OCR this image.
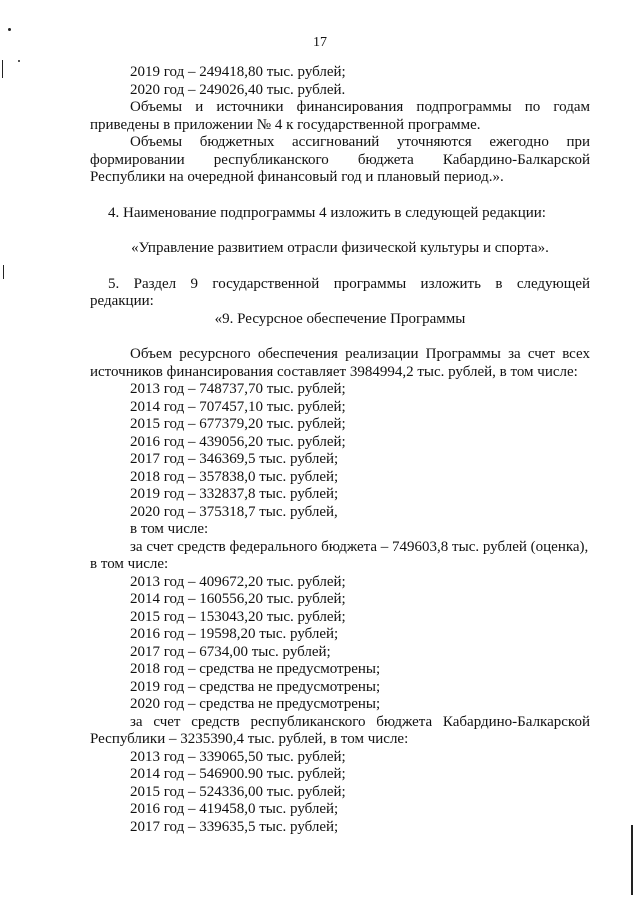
17
2019 год – 249418,80 тыс. рублей;
2020 год – 249026,40 тыс. рублей.
Объемы и источники финансирования подпрограммы по годам
приведены в приложении № 4 к государственной программе.
Объемы бюджетных ассигнований уточняются ежегодно при
формировании республиканского бюджета Кабардино-Балкарской
Республики на очередной финансовый год и плановый период.».
4. Наименование подпрограммы 4 изложить в следующей редакции:
«Управление развитием отрасли физической культуры и спорта».
5. Раздел 9 государственной программы изложить в следующей
редакции:
«9. Ресурсное обеспечение Программы
Объем ресурсного обеспечения реализации Программы за счет всех
источников финансирования составляет 3984994,2 тыс. рублей, в том числе:
2013 год – 748737,70 тыс. рублей;
2014 год – 707457,10 тыс. рублей;
2015 год – 677379,20 тыс. рублей;
2016 год – 439056,20 тыс. рублей;
2017 год – 346369,5 тыс. рублей;
2018 год – 357838,0 тыс. рублей;
2019 год – 332837,8 тыс. рублей;
2020 год – 375318,7 тыс. рублей,
в том числе:
за счет средств федерального бюджета – 749603,8 тыс. рублей (оценка),
в том числе:
2013 год – 409672,20 тыс. рублей;
2014 год – 160556,20 тыс. рублей;
2015 год – 153043,20 тыс. рублей;
2016 год – 19598,20 тыс. рублей;
2017 год – 6734,00 тыс. рублей;
2018 год – средства не предусмотрены;
2019 год – средства не предусмотрены;
2020 год – средства не предусмотрены;
за счет средств республиканского бюджета Кабардино-Балкарской
Республики – 3235390,4 тыс. рублей, в том числе:
2013 год – 339065,50 тыс. рублей;
2014 год – 546900.90 тыс. рублей;
2015 год – 524336,00 тыс. рублей;
2016 год – 419458,0 тыс. рублей;
2017 год – 339635,5 тыс. рублей;
